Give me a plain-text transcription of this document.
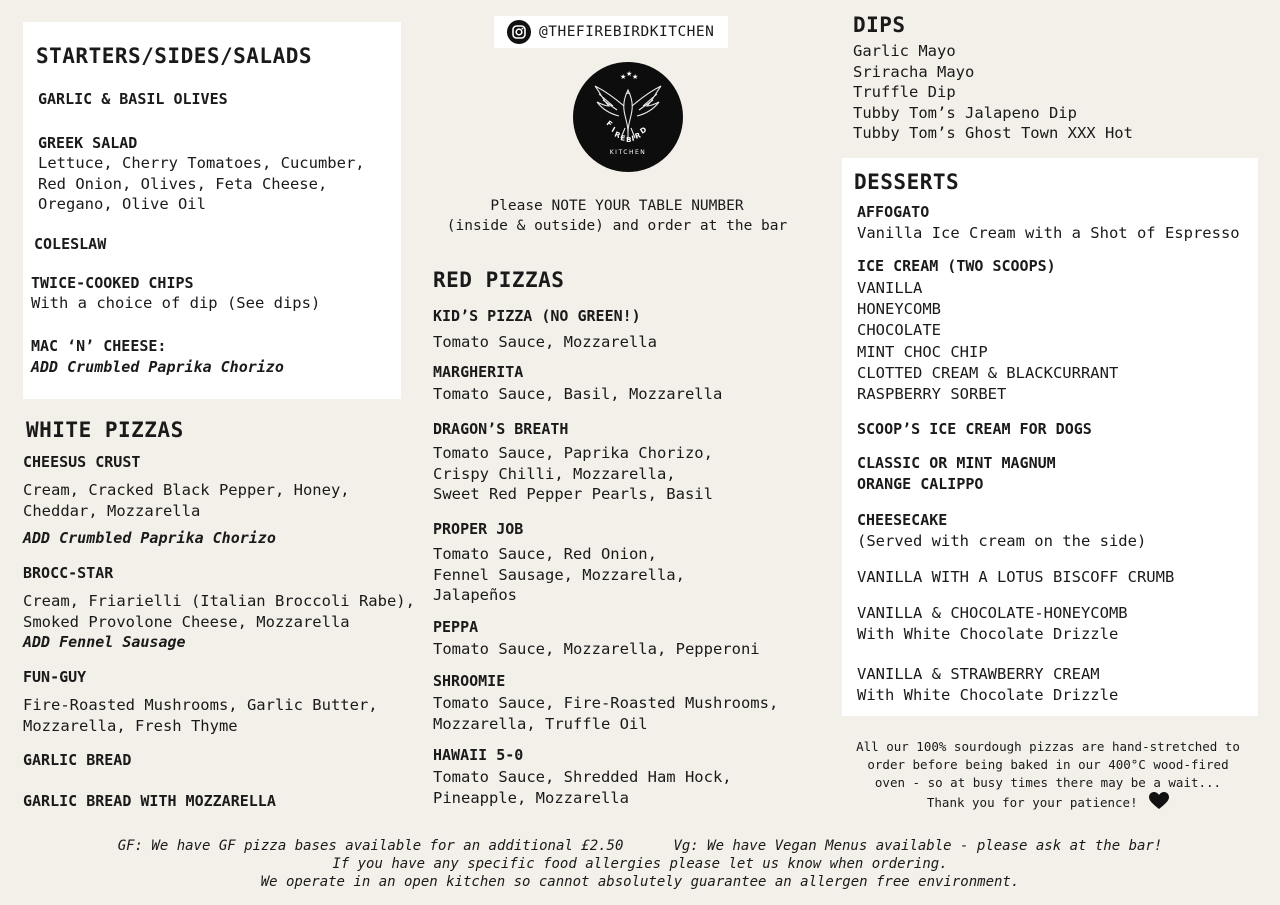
STARTERS/SIDES/SALADS
GARLIC & BASIL OLIVES
GREEK SALAD
Lettuce, Cherry Tomatoes, Cucumber,
Red Onion, Olives, Feta Cheese,
Oregano, Olive Oil
COLESLAW
TWICE-COOKED CHIPS
With a choice of dip (See dips)
MAC ‘N’ CHEESE:
ADD Crumbled Paprika Chorizo
WHITE PIZZAS
CHEESUS CRUST
Cream, Cracked Black Pepper, Honey,
Cheddar, Mozzarella
ADD Crumbled Paprika Chorizo
BROCC-STAR
Cream, Friarielli (Italian Broccoli Rabe),
Smoked Provolone Cheese, Mozzarella
ADD Fennel Sausage
FUN-GUY
Fire-Roasted Mushrooms, Garlic Butter,
Mozzarella, Fresh Thyme
GARLIC BREAD
GARLIC BREAD WITH MOZZARELLA
@THEFIREBIRDKITCHEN
★ ★ ★
F
I
R
E B I
R
D
KITCHEN
Please NOTE YOUR TABLE NUMBER
(inside & outside) and order at the bar
RED PIZZAS
KID’S PIZZA (NO GREEN!)
Tomato Sauce, Mozzarella
MARGHERITA
Tomato Sauce, Basil, Mozzarella
DRAGON’S BREATH
Tomato Sauce, Paprika Chorizo,
Crispy Chilli, Mozzarella,
Sweet Red Pepper Pearls, Basil
PROPER JOB
Tomato Sauce, Red Onion,
Fennel Sausage, Mozzarella,
Jalapeños
PEPPA
Tomato Sauce, Mozzarella, Pepperoni
SHROOMIE
Tomato Sauce, Fire-Roasted Mushrooms,
Mozzarella, Truffle Oil
HAWAII 5-0
Tomato Sauce, Shredded Ham Hock,
Pineapple, Mozzarella
DIPS
Garlic Mayo
Sriracha Mayo
Truffle Dip
Tubby Tom’s Jalapeno Dip
Tubby Tom’s Ghost Town XXX Hot
DESSERTS
AFFOGATO
Vanilla Ice Cream with a Shot of Espresso
ICE CREAM (TWO SCOOPS)
VANILLA
HONEYCOMB
CHOCOLATE
MINT CHOC CHIP
CLOTTED CREAM & BLACKCURRANT
RASPBERRY SORBET
SCOOP’S ICE CREAM FOR DOGS
CLASSIC OR MINT MAGNUM
ORANGE CALIPPO
CHEESECAKE
(Served with cream on the side)
VANILLA WITH A LOTUS BISCOFF CRUMB
VANILLA & CHOCOLATE-HONEYCOMB
With White Chocolate Drizzle
VANILLA & STRAWBERRY CREAM
With White Chocolate Drizzle
All our 100% sourdough pizzas are hand-stretched to
order before being baked in our 400°C wood-fired
oven - so at busy times there may be a wait...
Thank you for your patience!
GF: We have GF pizza bases available for an additional £2.50	Vg: We have Vegan Menus available - please ask at the bar!
If you have any specific food allergies please let us know when ordering.
We operate in an open kitchen so cannot absolutely guarantee an allergen free environment.
